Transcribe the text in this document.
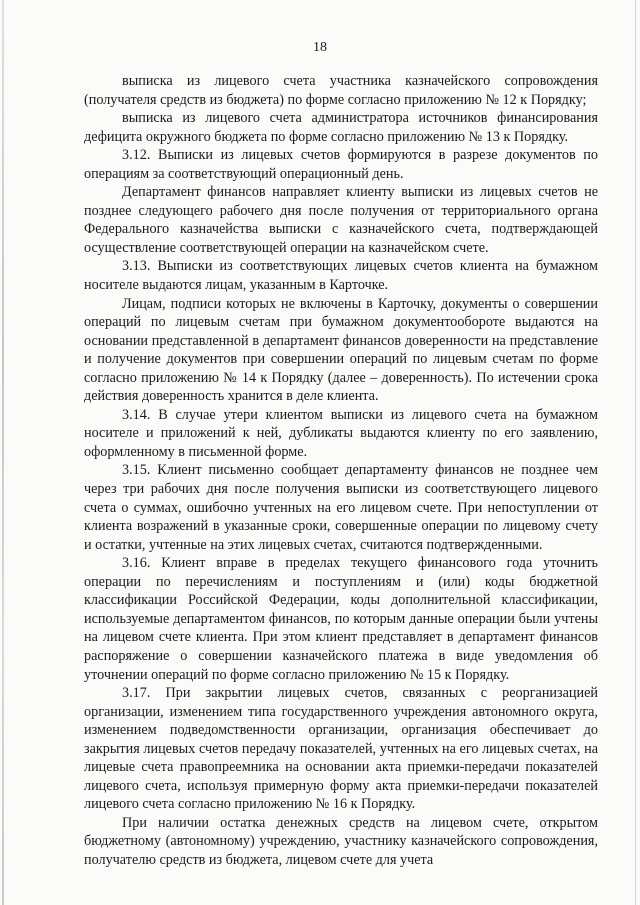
18

выписка из лицевого счета участника казначейского сопровождения (получателя средств из бюджета) по форме согласно приложению № 12 к Порядку;

выписка из лицевого счета администратора источников финансирования дефицита окружного бюджета по форме согласно приложению № 13 к Порядку.

3.12. Выписки из лицевых счетов формируются в разрезе документов по операциям за соответствующий операционный день.

Департамент финансов направляет клиенту выписки из лицевых счетов не позднее следующего рабочего дня после получения от территориального органа Федерального казначейства выписки с казначейского счета, подтверждающей осуществление соответствующей операции на казначейском счете.

3.13. Выписки из соответствующих лицевых счетов клиента на бумажном носителе выдаются лицам, указанным в Карточке.

Лицам, подписи которых не включены в Карточку, документы о совершении операций по лицевым счетам при бумажном документообороте выдаются на основании представленной в департамент финансов доверенности на представление и получение документов при совершении операций по лицевым счетам по форме согласно приложению № 14 к Порядку (далее – доверенность). По истечении срока действия доверенность хранится в деле клиента.

3.14. В случае утери клиентом выписки из лицевого счета на бумажном носителе и приложений к ней, дубликаты выдаются клиенту по его заявлению, оформленному в письменной форме.

3.15. Клиент письменно сообщает департаменту финансов не позднее чем через три рабочих дня после получения выписки из соответствующего лицевого счета о суммах, ошибочно учтенных на его лицевом счете. При непоступлении от клиента возражений в указанные сроки, совершенные операции по лицевому счету и остатки, учтенные на этих лицевых счетах, считаются подтвержденными.

3.16. Клиент вправе в пределах текущего финансового года уточнить операции по перечислениям и поступлениям и (или) коды бюджетной классификации Российской Федерации, коды дополнительной классификации, используемые департаментом финансов, по которым данные операции были учтены на лицевом счете клиента. При этом клиент представляет в департамент финансов распоряжение о совершении казначейского платежа в виде уведомления об уточнении операций по форме согласно приложению № 15 к Порядку.

3.17. При закрытии лицевых счетов, связанных с реорганизацией организации, изменением типа государственного учреждения автономного округа, изменением подведомственности организации, организация обеспечивает до закрытия лицевых счетов передачу показателей, учтенных на его лицевых счетах, на лицевые счета правопреемника на основании акта приемки-передачи показателей лицевого счета, используя примерную форму акта приемки-передачи показателей лицевого счета согласно приложению № 16 к Порядку.

При наличии остатка денежных средств на лицевом счете, открытом бюджетному (автономному) учреждению, участнику казначейского сопровождения, получателю средств из бюджета, лицевом счете для учета
